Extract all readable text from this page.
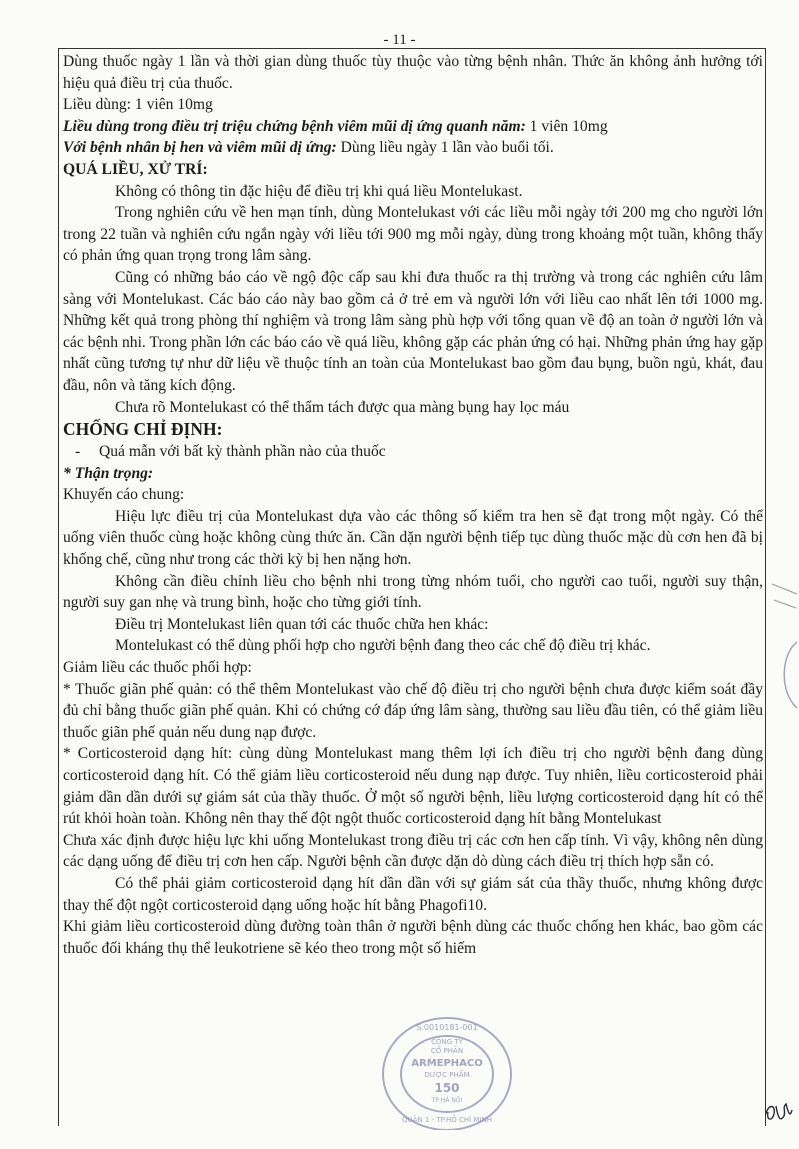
- 11 -

Dùng thuốc ngày 1 lần và thời gian dùng thuốc tùy thuộc vào từng bệnh nhân. Thức ăn không ảnh hưởng tới hiệu quả điều trị của thuốc.

Liều dùng: 1 viên 10mg

Liều dùng trong điều trị triệu chứng bệnh viêm mũi dị ứng quanh năm: 1 viên 10mg

Với bệnh nhân bị hen và viêm mũi dị ứng: Dùng liều ngày 1 lần vào buổi tối.

QUÁ LIỀU, XỬ TRÍ:

Không có thông tin đặc hiệu để điều trị khi quá liều Montelukast.

Trong nghiên cứu về hen mạn tính, dùng Montelukast với các liều mỗi ngày tới 200 mg cho người lớn trong 22 tuần và nghiên cứu ngắn ngày với liều tới 900 mg mỗi ngày, dùng trong khoảng một tuần, không thấy có phản ứng quan trọng trong lâm sàng.

Cũng có những báo cáo về ngộ độc cấp sau khi đưa thuốc ra thị trường và trong các nghiên cứu lâm sàng với Montelukast. Các báo cáo này bao gồm cả ở trẻ em và người lớn với liều cao nhất lên tới 1000 mg. Những kết quả trong phòng thí nghiệm và trong lâm sàng phù hợp với tổng quan về độ an toàn ở người lớn và các bệnh nhi. Trong phần lớn các báo cáo về quá liều, không gặp các phản ứng có hại. Những phản ứng hay gặp nhất cũng tương tự như dữ liệu về thuộc tính an toàn của Montelukast bao gồm đau bụng, buồn ngủ, khát, đau đầu, nôn và tăng kích động.

Chưa rõ Montelukast có thể thẩm tách được qua màng bụng hay lọc máu

CHỐNG CHỈ ĐỊNH:

- Quá mẫn với bất kỳ thành phần nào của thuốc

* Thận trọng:

Khuyến cáo chung:

Hiệu lực điều trị của Montelukast dựa vào các thông số kiểm tra hen sẽ đạt trong một ngày. Có thể uống viên thuốc cùng hoặc không cùng thức ăn. Cần dặn người bệnh tiếp tục dùng thuốc mặc dù cơn hen đã bị khống chế, cũng như trong các thời kỳ bị hen nặng hơn.

Không cần điều chỉnh liều cho bệnh nhi trong từng nhóm tuổi, cho người cao tuổi, người suy thận, người suy gan nhẹ và trung bình, hoặc cho từng giới tính.

Điều trị Montelukast liên quan tới các thuốc chữa hen khác:

Montelukast có thể dùng phối hợp cho người bệnh đang theo các chế độ điều trị khác.

Giảm liều các thuốc phối hợp:

* Thuốc giãn phế quản: có thể thêm Montelukast vào chế độ điều trị cho người bệnh chưa được kiểm soát đầy đủ chỉ bằng thuốc giãn phế quản. Khi có chứng cớ đáp ứng lâm sàng, thường sau liều đầu tiên, có thể giảm liều thuốc giãn phế quản nếu dung nạp được.

* Corticosteroid dạng hít: cùng dùng Montelukast mang thêm lợi ích điều trị cho người bệnh đang dùng corticosteroid dạng hít. Có thể giảm liều corticosteroid nếu dung nạp được. Tuy nhiên, liều corticosteroid phải giảm dần dần dưới sự giám sát của thầy thuốc. Ở một số người bệnh, liều lượng corticosteroid dạng hít có thể rút khỏi hoàn toàn. Không nên thay thế đột ngột thuốc corticosteroid dạng hít bằng Montelukast

Chưa xác định được hiệu lực khi uống Montelukast trong điều trị các cơn hen cấp tính. Vì vậy, không nên dùng các dạng uống để điều trị cơn hen cấp. Người bệnh cần được dặn dò dùng cách điều trị thích hợp sẵn có.

Có thể phải giảm corticosteroid dạng hít dần dần với sự giám sát của thầy thuốc, nhưng không được thay thế đột ngột corticosteroid dạng uống hoặc hít bằng Phagofi10.

Khi giảm liều corticosteroid dùng đường toàn thân ở người bệnh dùng các thuốc chống hen khác, bao gồm các thuốc đối kháng thụ thể leukotriene sẽ kéo theo trong một số hiếm

S.0010181-001
CÔNG TY
CỔ PHẦN
ARMEPHACO
DƯỢC PHẨM
150
TP HÀ NỘI
QUẬN 1 - TP.HỒ CHÍ MINH
